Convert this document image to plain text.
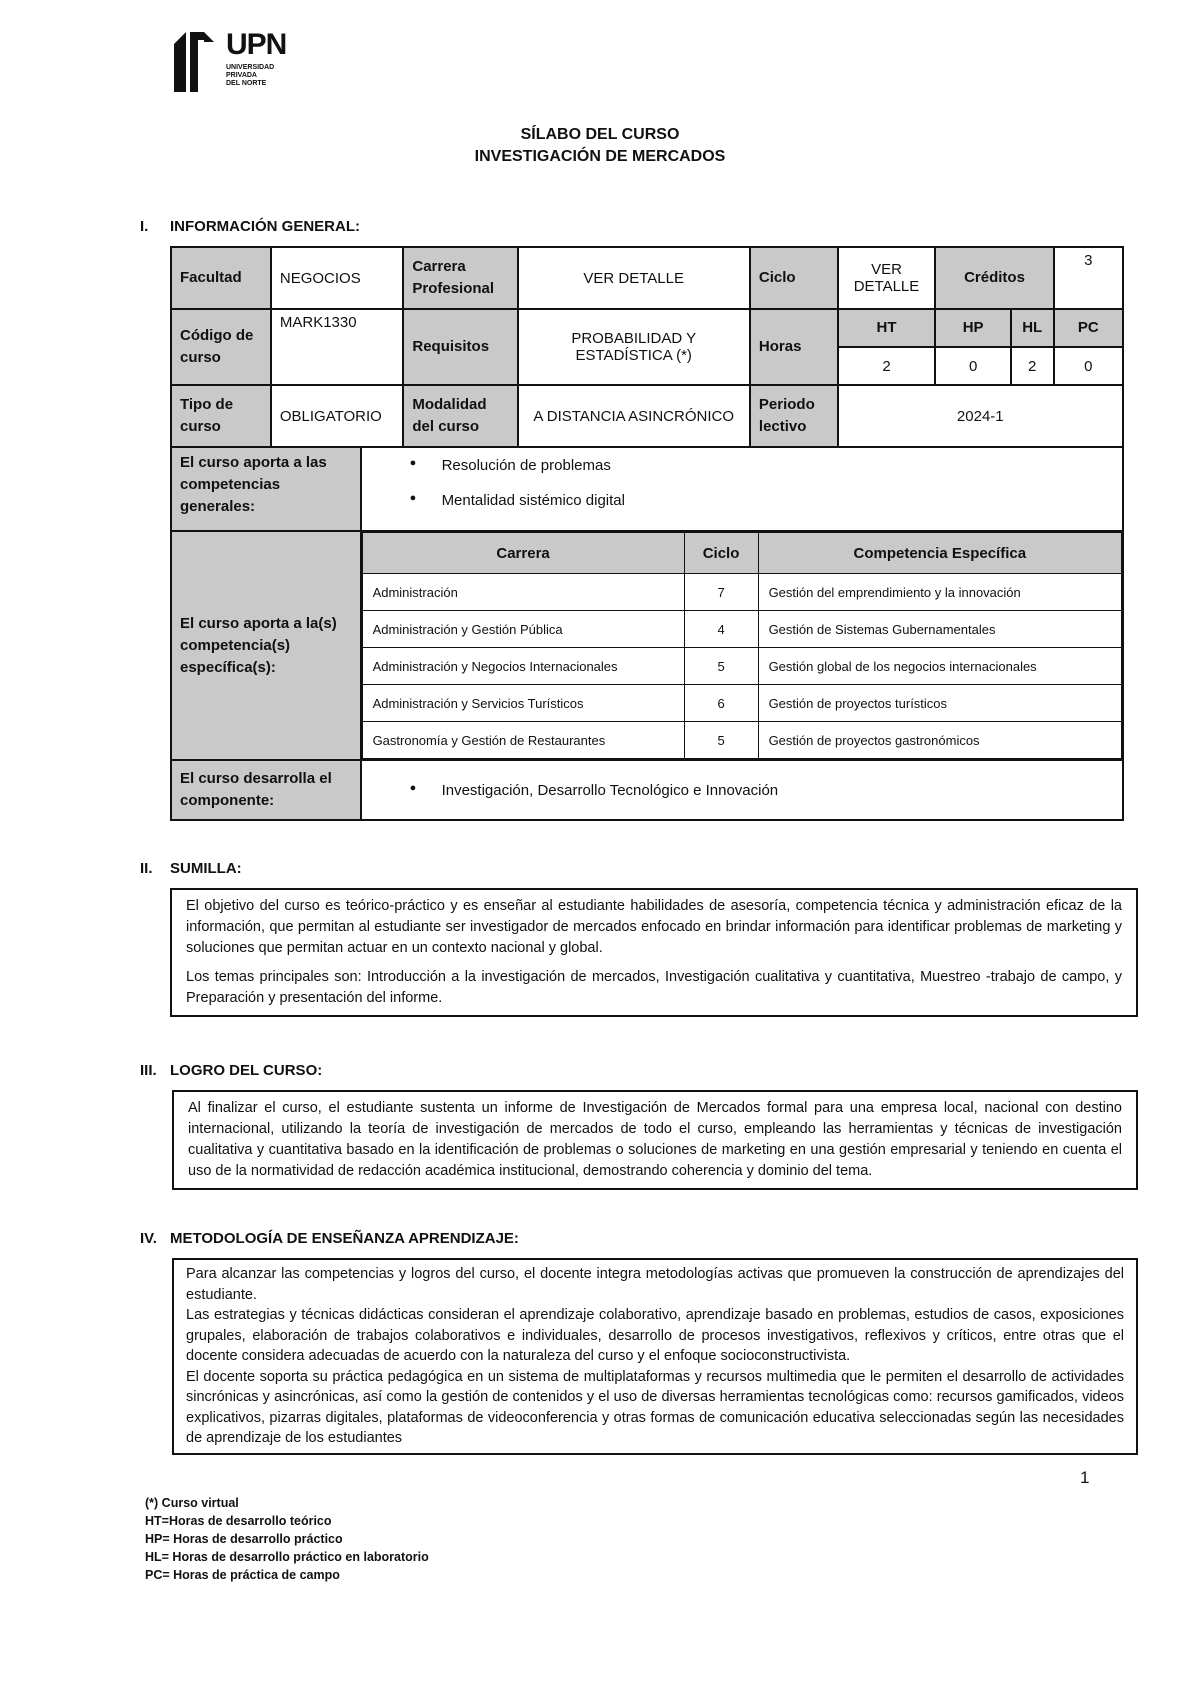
UPN
UNIVERSIDAD
PRIVADA
DEL NORTE
SÍLABO DEL CURSO
INVESTIGACIÓN DE MERCADOS
I. INFORMACIÓN GENERAL:
Facultad	NEGOCIOS	Carrera Profesional	VER DETALLE	Ciclo	VER DETALLE	Créditos	3
Código de curso	MARK1330	Requisitos	PROBABILIDAD Y ESTADÍSTICA (*)	Horas	HT	HP	HL	PC
2	0	2	0
Tipo de curso	OBLIGATORIO	Modalidad del curso	A DISTANCIA ASINCRÓNICO	Periodo lectivo	2024-1
El curso aporta a las competencias generales:	
● Resolución de problemas
● Mentalidad sistémico digital

El curso aporta a la(s) competencia(s) específica(s):	
Carrera	Ciclo	Competencia Específica
Administración	7	Gestión del emprendimiento y la innovación
Administración y Gestión Pública	4	Gestión de Sistemas Gubernamentales
Administración y Negocios Internacionales	5	Gestión global de los negocios internacionales
Administración y Servicios Turísticos	6	Gestión de proyectos turísticos
Gastronomía y Gestión de Restaurantes	5	Gestión de proyectos gastronómicos

El curso desarrolla el componente:	
● Investigación, Desarrollo Tecnológico e Innovación
II. SUMILLA:

El objetivo del curso es teórico-práctico y es enseñar al estudiante habilidades de asesoría, competencia técnica y administración eficaz de la información, que permitan al estudiante ser investigador de mercados enfocado en brindar información para identificar problemas de marketing y soluciones que permitan actuar en un contexto nacional y global.

Los temas principales son: Introducción a la investigación de mercados, Investigación cualitativa y cuantitativa, Muestreo -trabajo de campo, y Preparación y presentación del informe.

III. LOGRO DEL CURSO:

Al finalizar el curso, el estudiante sustenta un informe de Investigación de Mercados formal para una empresa local, nacional con destino internacional, utilizando la teoría de investigación de mercados de todo el curso, empleando las herramientas y técnicas de investigación cualitativa y cuantitativa basado en la identificación de problemas o soluciones de marketing en una gestión empresarial y teniendo en cuenta el uso de la normatividad de redacción académica institucional, demostrando coherencia y dominio del tema.

IV. METODOLOGÍA DE ENSEÑANZA APRENDIZAJE:

Para alcanzar las competencias y logros del curso, el docente integra metodologías activas que promueven la construcción de aprendizajes del estudiante.

Las estrategias y técnicas didácticas consideran el aprendizaje colaborativo, aprendizaje basado en problemas, estudios de casos, exposiciones grupales, elaboración de trabajos colaborativos e individuales, desarrollo de procesos investigativos, reflexivos y críticos, entre otras que el docente considera adecuadas de acuerdo con la naturaleza del curso y el enfoque socioconstructivista.

El docente soporta su práctica pedagógica en un sistema de multiplataformas y recursos multimedia que le permiten el desarrollo de actividades sincrónicas y asincrónicas, así como la gestión de contenidos y el uso de diversas herramientas tecnológicas como: recursos gamificados, videos explicativos, pizarras digitales, plataformas de videoconferencia y otras formas de comunicación educativa seleccionadas según las necesidades de aprendizaje de los estudiantes

1
(*) Curso virtual
HT=Horas de desarrollo teórico
HP= Horas de desarrollo práctico
HL= Horas de desarrollo práctico en laboratorio
PC= Horas de práctica de campo
